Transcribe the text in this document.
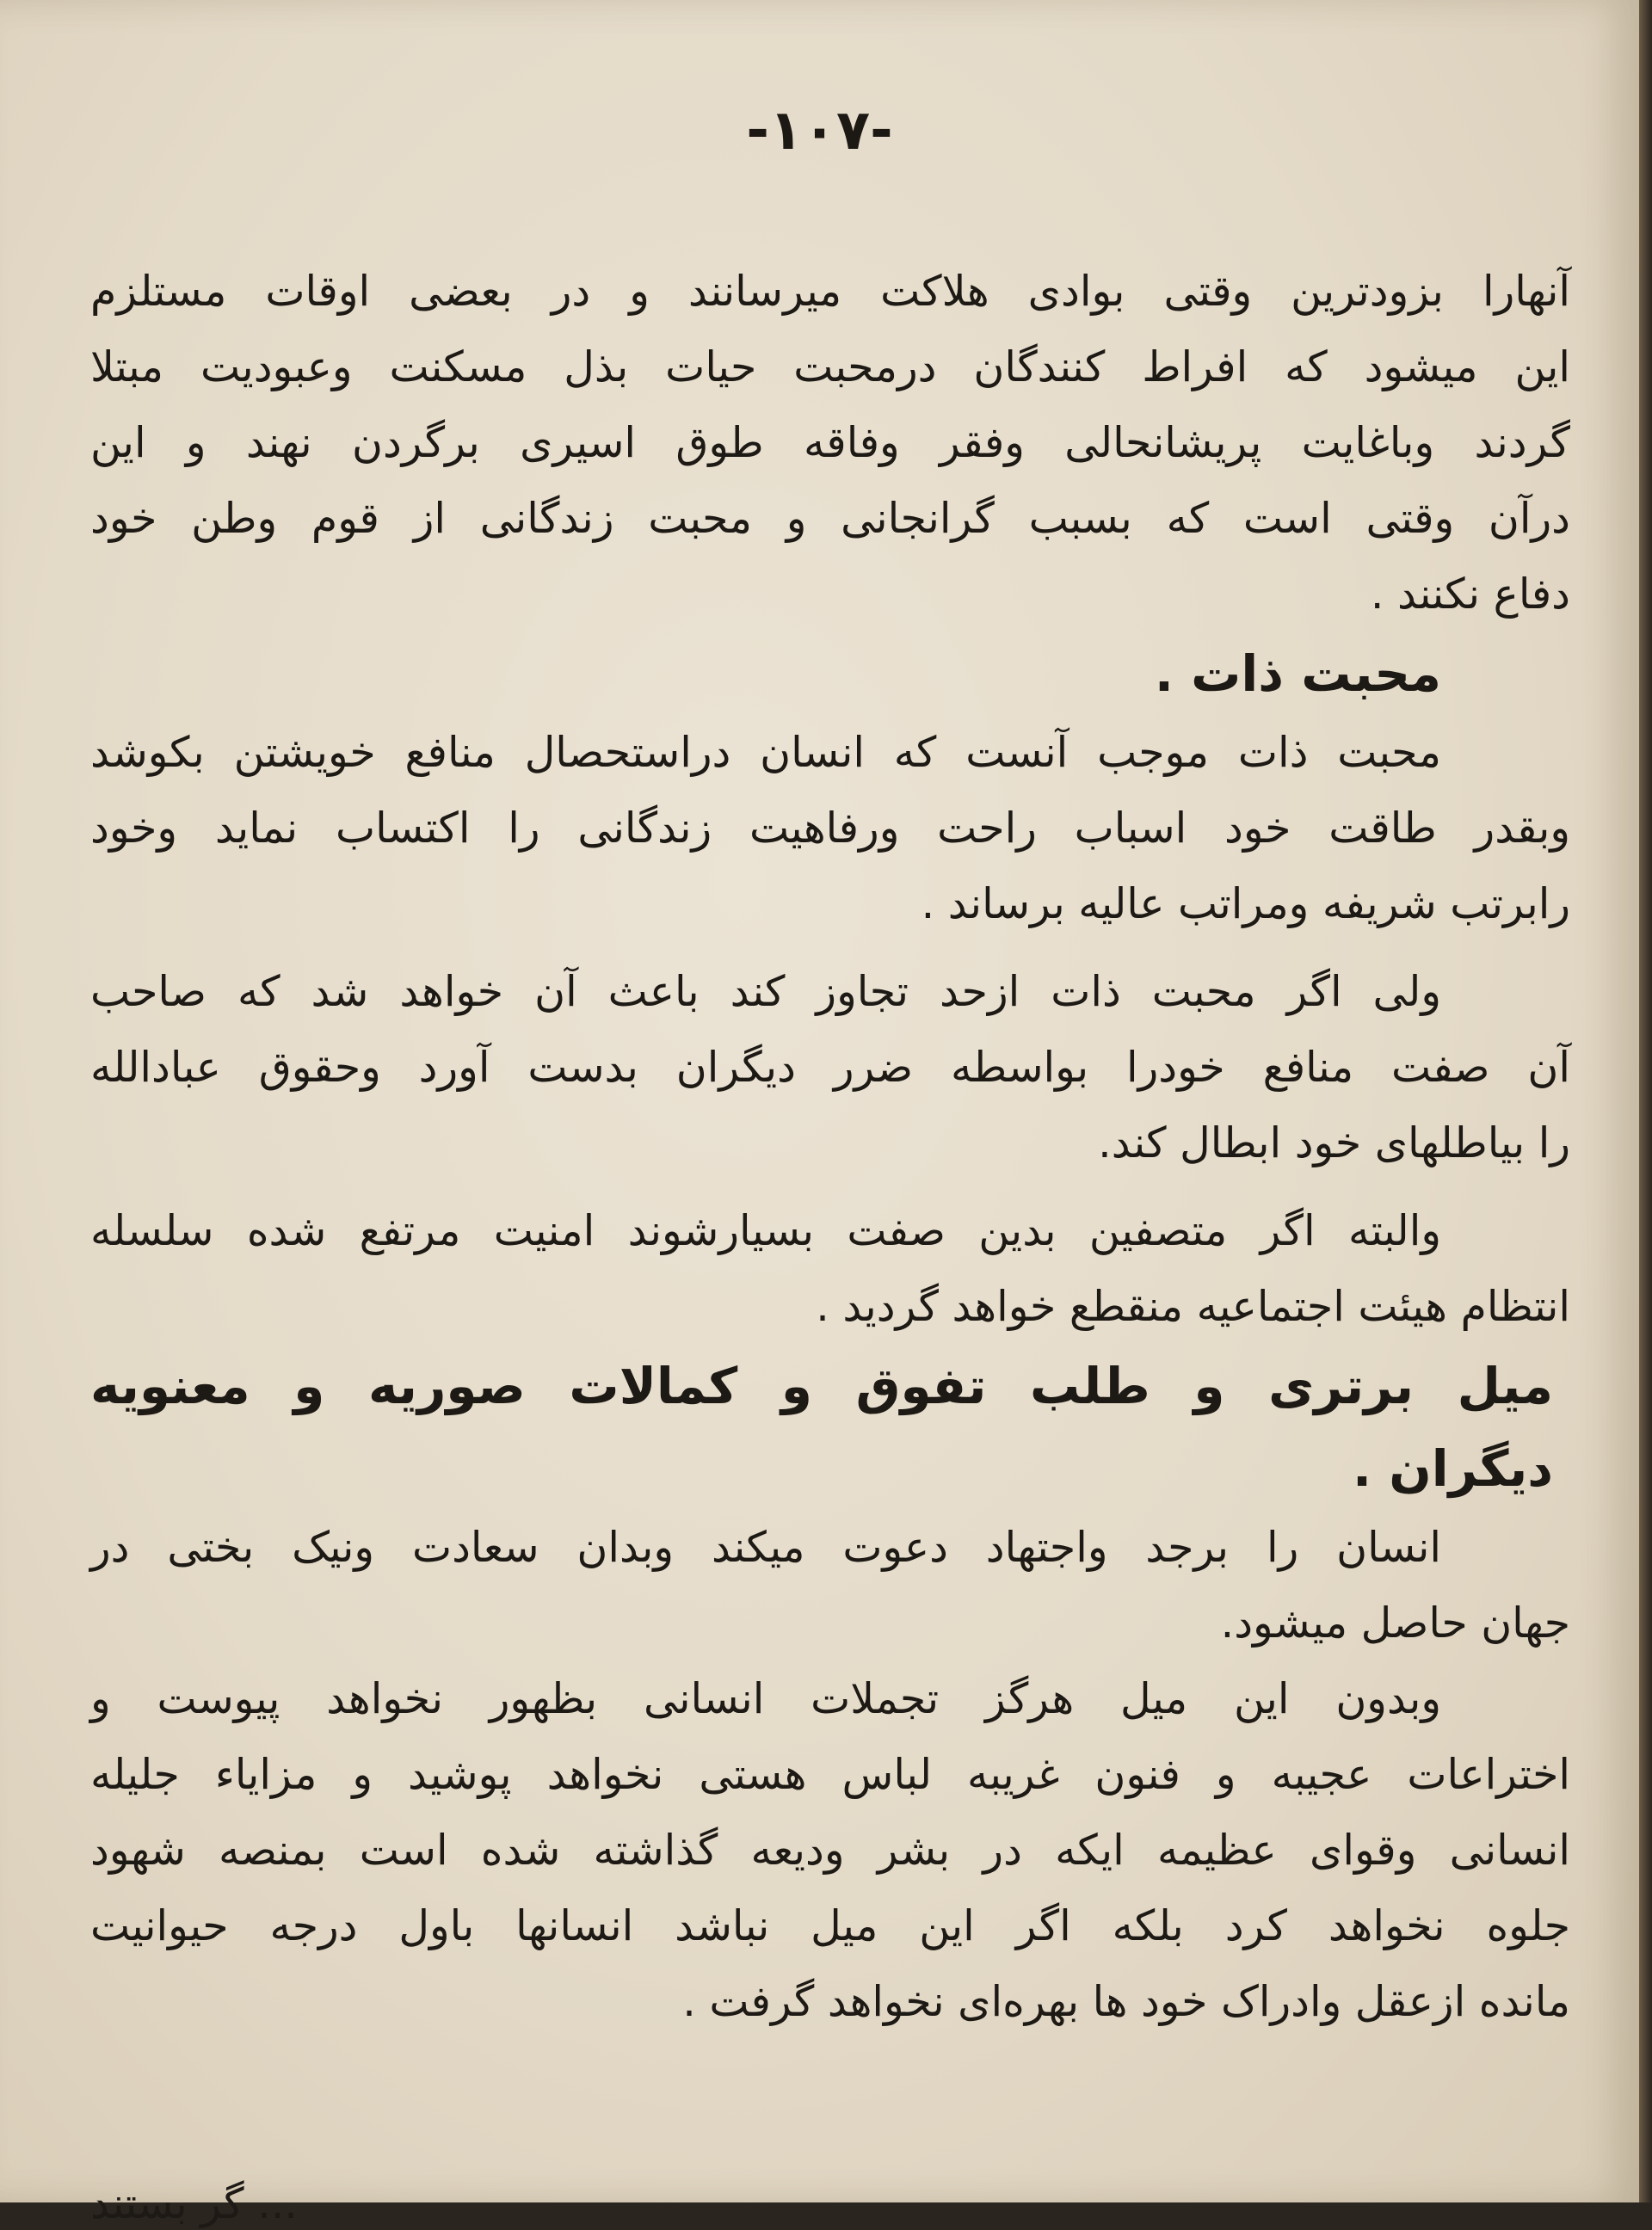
-۱۰۷-
آنهارا بزودترین وقتی بوادی هلاکت میرسانند و در بعضی اوقات مستلزم
این میشود که افراط کنندگان درمحبت حیات بذل مسکنت وعبودیت مبتلا
گردند وباغایت پریشانحالی وفقر وفاقه طوق اسیری برگردن نهند و این
درآن وقتی است که بسبب گرانجانی و محبت زندگانی از قوم وطن خود
دفاع نکنند .
محبت ذات .
محبت ذات موجب آنست که انسان دراستحصال منافع خویشتن بکوشد
وبقدر طاقت خود اسباب راحت ورفاهیت زندگانی را اکتساب نماید وخود
رابرتب شریفه ومراتب عالیه برساند .
ولی اگر محبت ذات ازحد تجاوز کند باعث آن خواهد شد که صاحب
آن صفت منافع خودرا بواسطه ضرر دیگران بدست آورد وحقوق عبادالله
را بیاطلهای خود ابطال کند.
والبته اگر متصفین بدین صفت بسیارشوند امنیت مرتفع شده سلسله
انتظام هیئت اجتماعیه منقطع خواهد گردید .
میل برتری و طلب تفوق و کمالات صوریه و معنویه
دیگران .
انسان را برجد واجتهاد دعوت میکند وبدان سعادت ونیک بختی در
جهان حاصل میشود.
وبدون این میل هرگز تجملات انسانی بظهور نخواهد پیوست و
اختراعات عجیبه و فنون غریبه لباس هستی نخواهد پوشید و مزایاء جلیله
انسانی وقوای عظیمه ایکه در بشر ودیعه گذاشته شده است بمنصه شهود
جلوه نخواهد کرد بلکه اگر این میل نباشد انسانها باول درجه حیوانیت
مانده ازعقل وادراک خود ها بهره‌ای نخواهد گرفت .
... گر بستند
